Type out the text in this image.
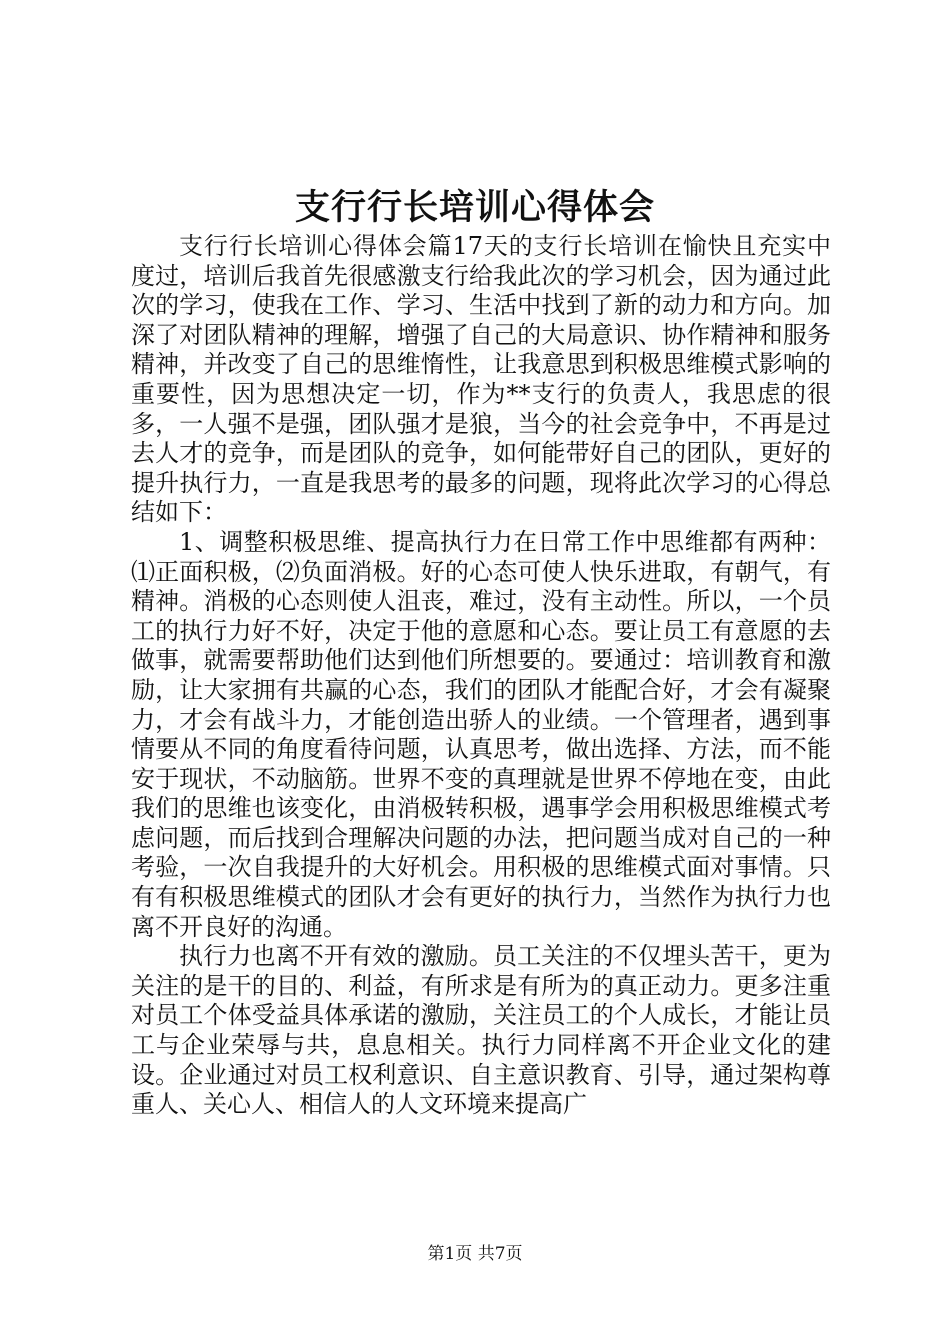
支行行长培训心得体会

支行行长培训心得体会篇17天的支行长培训在愉快且充实中度过，培训后我首先很感激支行给我此次的学习机会，因为通过此次的学习，使我在工作、学习、生活中找到了新的动力和方向。加深了对团队精神的理解，增强了自己的大局意识、协作精神和服务精神，并改变了自己的思维惰性，让我意思到积极思维模式影响的重要性，因为思想决定一切，作为**支行的负责人，我思虑的很多，一人强不是强，团队强才是狼，当今的社会竞争中，不再是过去人才的竞争，而是团队的竞争，如何能带好自己的团队，更好的提升执行力，一直是我思考的最多的问题，现将此次学习的心得总结如下：

1、调整积极思维、提高执行力在日常工作中思维都有两种：⑴正面积极，⑵负面消极。好的心态可使人快乐进取，有朝气，有精神。消极的心态则使人沮丧，难过，没有主动性。所以，一个员工的执行力好不好，决定于他的意愿和心态。要让员工有意愿的去做事，就需要帮助他们达到他们所想要的。要通过：培训教育和激励，让大家拥有共赢的心态，我们的团队才能配合好，才会有凝聚力，才会有战斗力，才能创造出骄人的业绩。一个管理者，遇到事情要从不同的角度看待问题，认真思考，做出选择、方法，而不能安于现状，不动脑筋。世界不变的真理就是世界不停地在变，由此我们的思维也该变化，由消极转积极，遇事学会用积极思维模式考虑问题，而后找到合理解决问题的办法，把问题当成对自己的一种考验，一次自我提升的大好机会。用积极的思维模式面对事情。只有有积极思维模式的团队才会有更好的执行力，当然作为执行力也离不开良好的沟通。

执行力也离不开有效的激励。员工关注的不仅埋头苦干，更为关注的是干的目的、利益，有所求是有所为的真正动力。更多注重对员工个体受益具体承诺的激励，关注员工的个人成长，才能让员工与企业荣辱与共，息息相关。执行力同样离不开企业文化的建设。企业通过对员工权利意识、自主意识教育、引导，通过架构尊重人、关心人、相信人的人文环境来提高广

第1页 共7页
